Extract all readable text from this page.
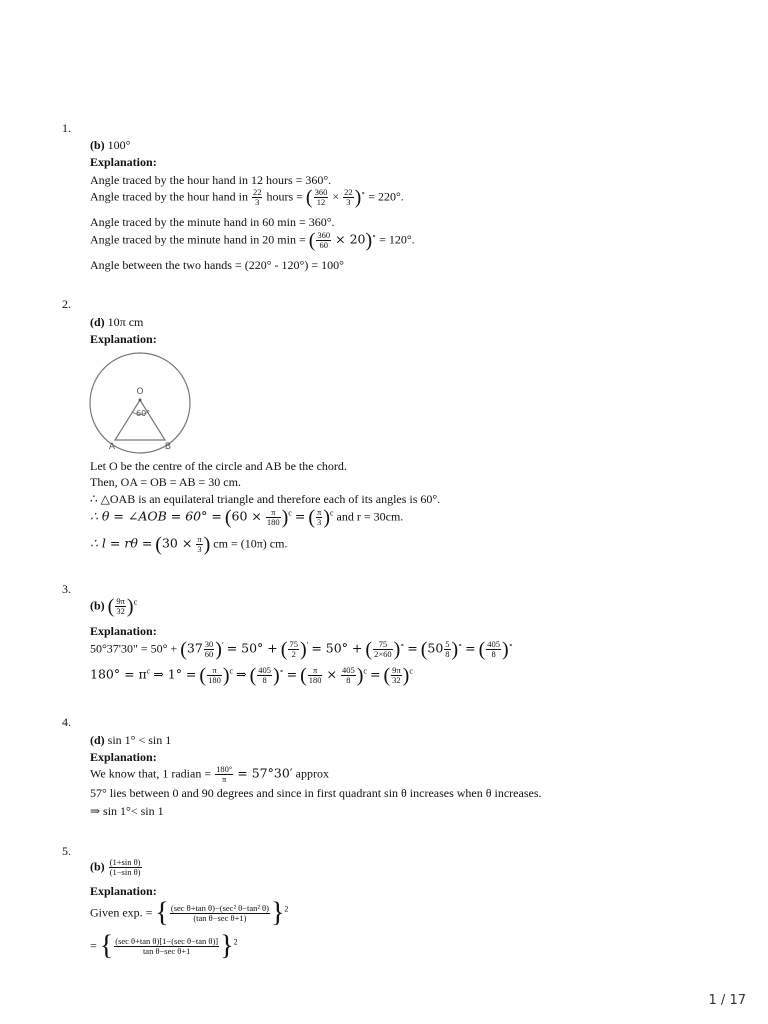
1.
(b) 100°
Explanation:
Angle traced by the hour hand in 12 hours = 360°.
Angle traced by the hour hand in $\frac{22}{3}$ hours = ( $\frac{360}{12} \times \frac{22}{3} )^\circ = 220^\circ$.
Angle traced by the minute hand in 60 min = 360°.
Angle traced by the minute hand in 20 min = ( $\frac{360}{60} \times 20)^\circ = 120^\circ$.
Angle between the two hands = (220° - 120°) = 100°
2.
(d) 10π cm
Explanation:
O
60°
A	B
Let O be the centre of the circle and AB be the chord.
Then, OA = OB = AB = 30 cm.
∴ △OAB is an equilateral triangle and therefore each of its angles is 60°.
∴ θ = ∠AOB = $60^\circ = (60 \times \frac{\pi}{180} )^c$ = ( $\frac{\pi}{3} )^c$ and r = 30cm.
∴ $l = r\theta = (30 \times \frac{\pi}{3}$ ) cm = (10π) cm.
3.
(b) ( $\frac{9\pi}{32} )^c$
Explanation:
50°37'30" = $50^\circ + (37 \frac{30}{60} )' = 50^\circ$ + ( $\frac{75}{2} )' = 50^\circ$ + ( $\frac{75}{2\times 60} )^\circ = (50 \frac{5}{8} )^\circ$ = ( $\frac{405}{8} )^\circ$
$180^\circ = \pi^c$ ⇒ 1° = ( $\frac{\pi}{180} )^c$ ⇒ ( $\frac{405}{8} )^\circ$ = ( $\frac{\pi}{180} \times \frac{405}{8} )^c$ = ( $\frac{9\pi}{32} )^c$
4.
(d) sin 1° < sin 1
Explanation:
We know that, 1 radian = $\frac{180^\circ}{\pi} = 57^\circ 30'$ approx
57° lies between 0 and 90 degrees and since in first quadrant sin θ increases when θ increases.
⇒ sin 1°< sin 1
5.
$(b) \frac{\text{(1+sin θ)}}{\text{(1−sin θ)}}$
Explanation:
Given exp. = { $\frac{\text{(sec θ+tan θ)−(sec² θ−tan² θ)}}{\text{(tan θ−sec θ+1)}} \}^2$
= { $\frac{\text{(sec θ+tan θ)[1−(sec θ−tan θ)]}}{\text{tan θ−sec θ+1}} \}^2$
1 / 17
